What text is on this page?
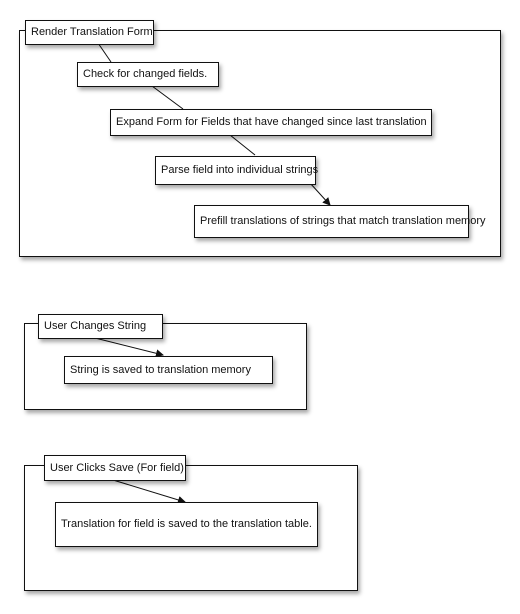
Render Translation Form
Check for changed fields.
Expand Form for Fields that have changed since last translation
Parse field into individual strings
Prefill translations of strings that match translation memory
User Changes String
String is saved to translation memory
User Clicks Save (For field)
Translation for field is saved to the translation table.
